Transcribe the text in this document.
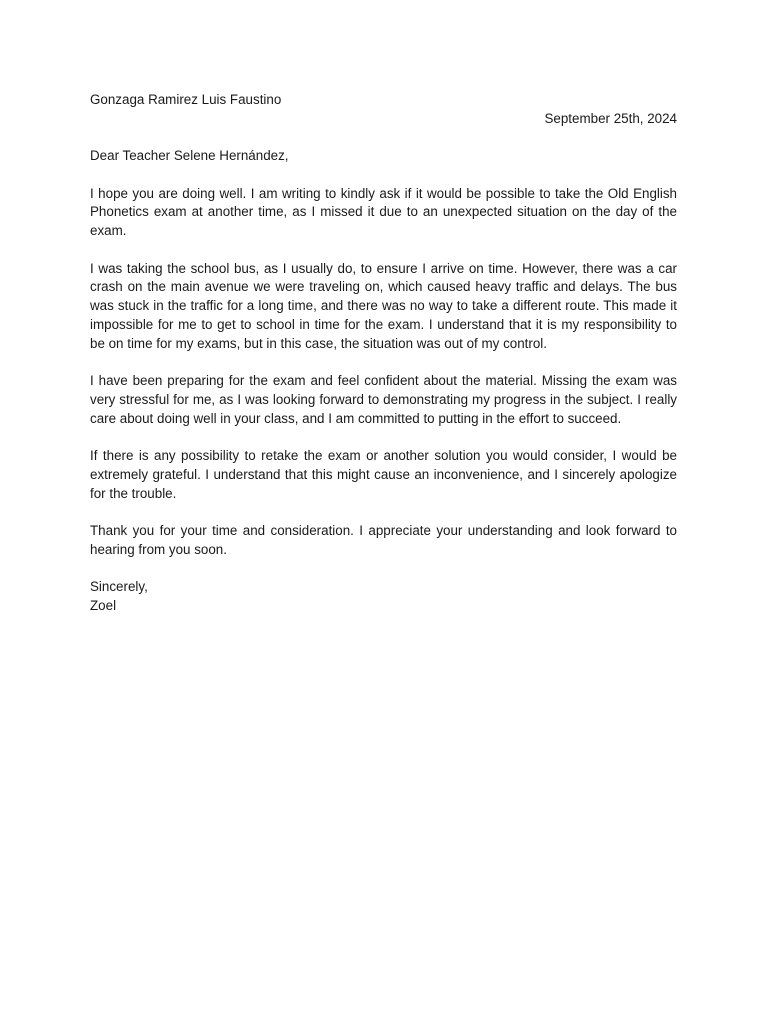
Gonzaga Ramirez Luis Faustino

September 25th, 2024

Dear Teacher Selene Hernández,

I hope you are doing well. I am writing to kindly ask if it would be possible to take the Old English Phonetics exam at another time, as I missed it due to an unexpected situation on the day of the exam.

I was taking the school bus, as I usually do, to ensure I arrive on time. However, there was a car crash on the main avenue we were traveling on, which caused heavy traffic and delays. The bus was stuck in the traffic for a long time, and there was no way to take a different route. This made it impossible for me to get to school in time for the exam. I understand that it is my responsibility to be on time for my exams, but in this case, the situation was out of my control.

I have been preparing for the exam and feel confident about the material. Missing the exam was very stressful for me, as I was looking forward to demonstrating my progress in the subject. I really care about doing well in your class, and I am committed to putting in the effort to succeed.

If there is any possibility to retake the exam or another solution you would consider, I would be extremely grateful. I understand that this might cause an inconvenience, and I sincerely apologize for the trouble.

Thank you for your time and consideration. I appreciate your understanding and look forward to hearing from you soon.

Sincerely,

Zoel
